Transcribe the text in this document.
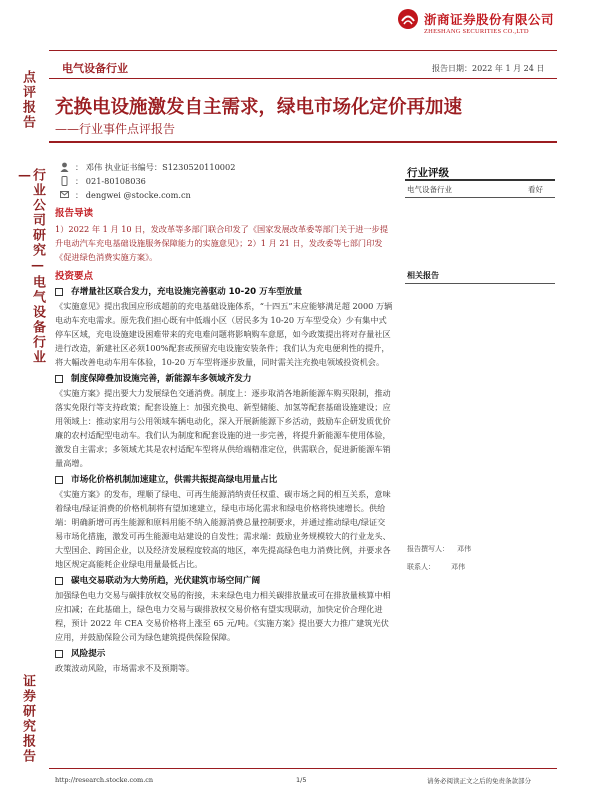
浙商证券股份有限公司
ZHESHANG SECURITIES CO.,LTD
点评报告
行业公司研究—电气设备行业—
证券研究报告
电气设备行业	报告日期：2022 年 1 月 24 日
充换电设施激发自主需求，绿电市场化定价再加速
——行业事件点评报告
： 邓伟 执业证书编号：S1230520110002
： 021-80108036
： dengwei @stocke.com.cn
报告导读
1）2022 年 1 月 10 日，发改革等多部门联合印发了《国家发展改革委等部门关于进一步提升电动汽车充电基础设施服务保障能力的实施意见》；2）1 月 21 日，发改委等七部门印发《促进绿色消费实施方案》。
投资要点
存增量社区联合发力，充电设施完善驱动 10-20 万车型放量
《实施意见》提出我国应形成超前的充电基础设施体系，“十四五”末应能够满足超 2000 万辆电动车充电需求。原先我们担心既有中低端小区（居民多为 10-20 万车型受众）少有集中式停车区域，充电设施建设困难带来的充电难问题将影响购车意愿，如今政策提出将对存量社区进行改造，新建社区必须100%配套或预留充电设施安装条件；我们认为充电便利性的提升，将大幅改善电动车用车体验，10-20 万车型将逐步放量，同时需关注充换电领域投资机会。
制度保障叠加设施完善，新能源车多领域齐发力
《实施方案》提出要大力发展绿色交通消费。制度上：逐步取消各地新能源车购买限制，推动落实免限行等支持政策；配套设施上：加强充换电、新型储能、加氢等配套基础设施建设；应用领域上：推动家用与公用领域车辆电动化，深入开展新能源下乡活动，鼓励车企研发质优价廉的农村适配型电动车。我们认为制度和配套设施的进一步完善，将提升新能源车使用体验，激发自主需求；多领域尤其是农村适配车型将从供给端精准定位，供需联合，促进新能源车销量高增。
市场化价格机制加速建立，供需共振提高绿电用量占比
《实施方案》的发布，理顺了绿电、可再生能源消纳责任权重、碳市场之间的相互关系，意味着绿电/绿证消费的价格机制将有望加速建立，绿电市场化需求和绿电价格将快速增长。供给端：明确新增可再生能源和原料用能不纳入能源消费总量控制要求，并通过推动绿电/绿证交易市场化措施，激发可再生能源电站建设的自发性；需求端：鼓励业务规模较大的行业龙头、大型国企、跨国企业，以及经济发展程度较高的地区，率先提高绿色电力消费比例，并要求各地区规定高能耗企业绿电用量最低占比。
碳电交易联动为大势所趋，光伏建筑市场空间广阔
加强绿色电力交易与碳排放权交易的衔接，未来绿色电力相关碳排放量或可在排放量核算中相应扣减；在此基础上，绿色电力交易与碳排放权交易价格有望实现联动，加快定价合理化进程，预计 2022 年 CEA 交易价格将上涨至 65 元/吨。《实施方案》提出要大力推广建筑光伏应用，并鼓励保险公司为绿色建筑提供保险保障。
风险提示
政策波动风险，市场需求不及预期等。
行业评级
电气设备行业	看好
相关报告
报告撰写人： 邓伟
联系人： 邓伟
http://research.stocke.com.cn	1/5	请务必阅读正文之后的免责条款部分
